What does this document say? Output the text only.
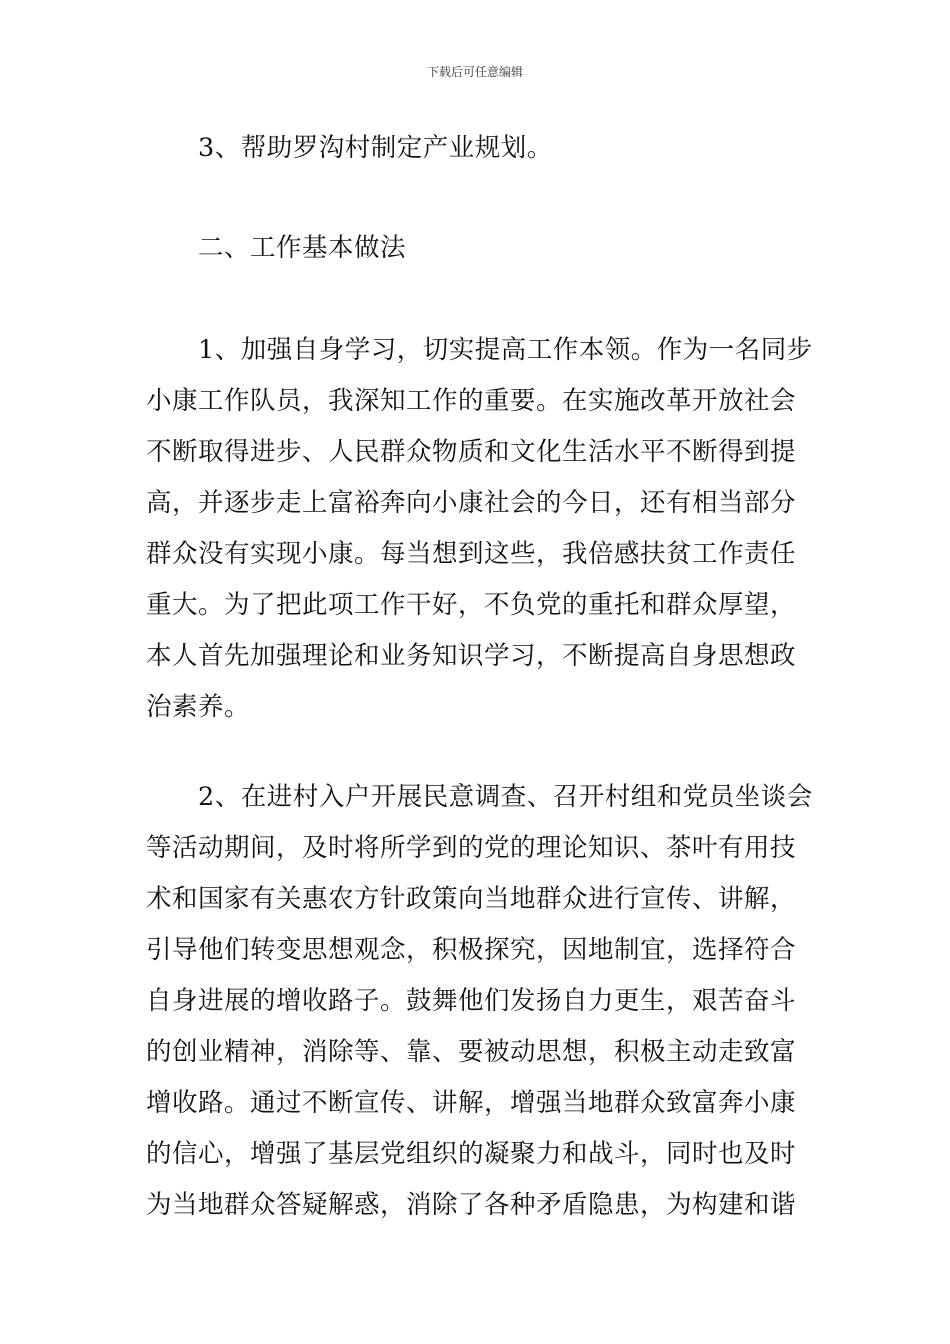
下载后可任意编辑
3、帮助罗沟村制定产业规划。
二、工作基本做法
1、加强自身学习，切实提高工作本领。作为一名同步
小康工作队员，我深知工作的重要。在实施改革开放社会
不断取得进步、人民群众物质和文化生活水平不断得到提
高，并逐步走上富裕奔向小康社会的今日，还有相当部分
群众没有实现小康。每当想到这些，我倍感扶贫工作责任
重大。为了把此项工作干好，不负党的重托和群众厚望，
本人首先加强理论和业务知识学习，不断提高自身思想政
治素养。
2、在进村入户开展民意调查、召开村组和党员坐谈会
等活动期间，及时将所学到的党的理论知识、茶叶有用技
术和国家有关惠农方针政策向当地群众进行宣传、讲解，
引导他们转变思想观念，积极探究，因地制宜，选择符合
自身进展的增收路子。鼓舞他们发扬自力更生，艰苦奋斗
的创业精神，消除等、靠、要被动思想，积极主动走致富
增收路。通过不断宣传、讲解，增强当地群众致富奔小康
的信心，增强了基层党组织的凝聚力和战斗，同时也及时
为当地群众答疑解惑，消除了各种矛盾隐患，为构建和谐
